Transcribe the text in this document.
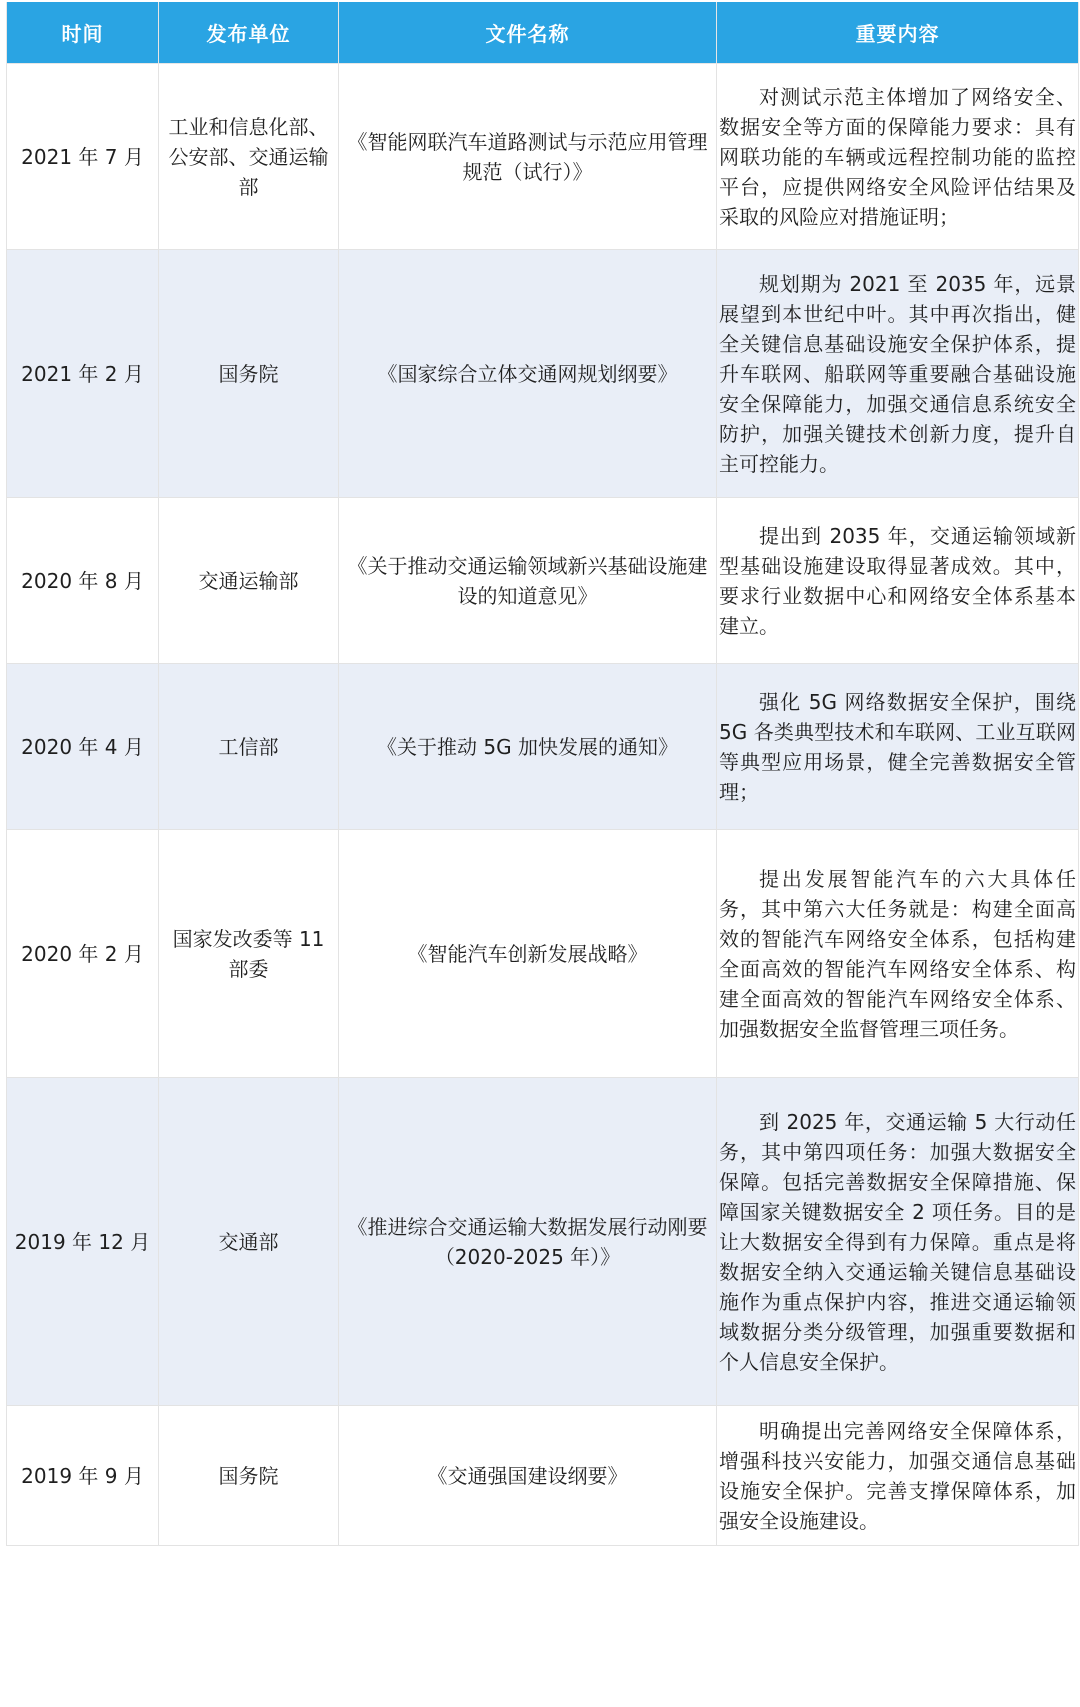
时间	发布单位	文件名称	重要内容
2021 年 7 月	工业和信息化部、公安部、交通运输部	《智能网联汽车道路测试与示范应用管理规范（试行）》	对测试示范主体增加了网络安全、数据安全等方面的保障能力要求：具有网联功能的车辆或远程控制功能的监控平台，应提供网络安全风险评估结果及采取的风险应对措施证明；
2021 年 2 月	国务院	《国家综合立体交通网规划纲要》	规划期为 2021 至 2035 年，远景展望到本世纪中叶。其中再次指出，健全关键信息基础设施安全保护体系，提升车联网、船联网等重要融合基础设施安全保障能力，加强交通信息系统安全防护，加强关键技术创新力度，提升自主可控能力。
2020 年 8 月	交通运输部	《关于推动交通运输领域新兴基础设施建设的知道意见》	提出到 2035 年，交通运输领域新型基础设施建设取得显著成效。其中，要求行业数据中心和网络安全体系基本建立。
2020 年 4 月	工信部	《关于推动 5G 加快发展的通知》	强化 5G 网络数据安全保护，围绕 5G 各类典型技术和车联网、工业互联网等典型应用场景，健全完善数据安全管理；
2020 年 2 月	国家发改委等 11 部委	《智能汽车创新发展战略》	提出发展智能汽车的六大具体任务，其中第六大任务就是：构建全面高效的智能汽车网络安全体系，包括构建全面高效的智能汽车网络安全体系、构建全面高效的智能汽车网络安全体系、加强数据安全监督管理三项任务。
2019 年 12 月	交通部	《推进综合交通运输大数据发展行动刚要（2020-2025 年）》	到 2025 年，交通运输 5 大行动任务，其中第四项任务：加强大数据安全保障。包括完善数据安全保障措施、保障国家关键数据安全 2 项任务。目的是让大数据安全得到有力保障。重点是将数据安全纳入交通运输关键信息基础设施作为重点保护内容，推进交通运输领域数据分类分级管理，加强重要数据和个人信息安全保护。
2019 年 9 月	国务院	《交通强国建设纲要》	明确提出完善网络安全保障体系，增强科技兴安能力，加强交通信息基础设施安全保护。完善支撑保障体系，加强安全设施建设。
